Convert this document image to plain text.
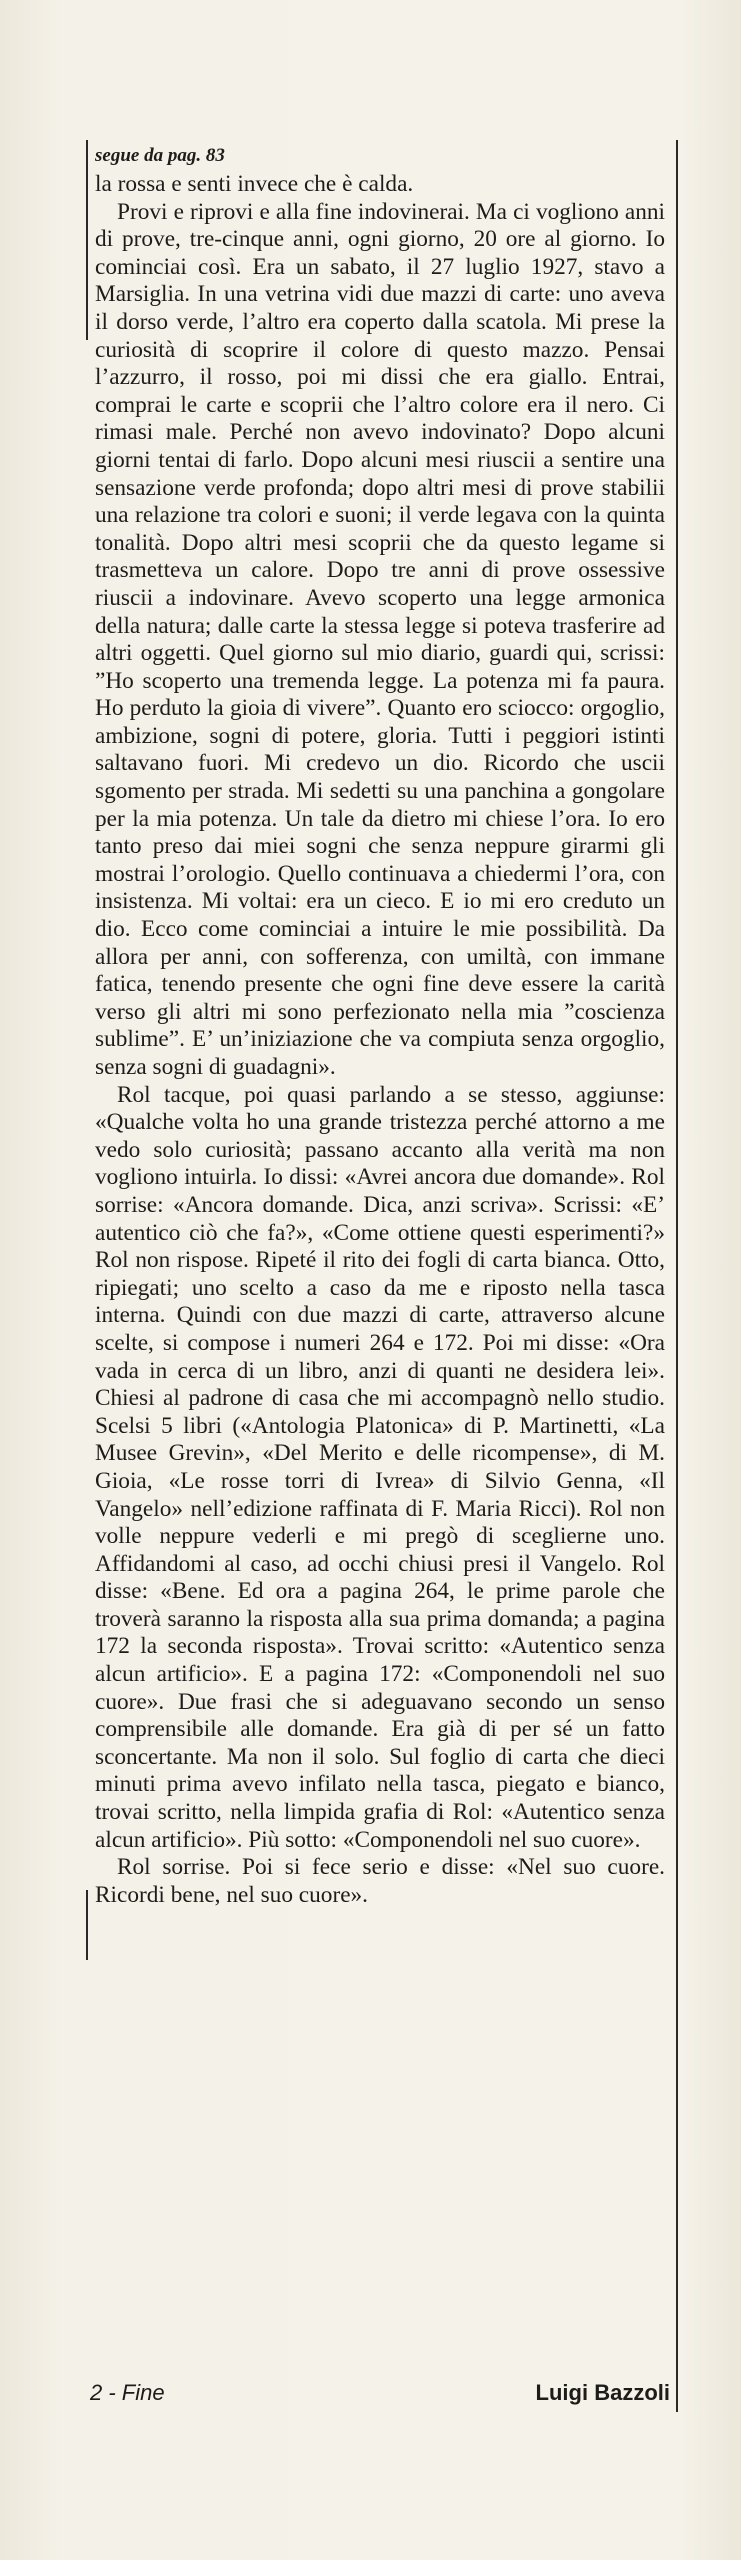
segue da pag. 83

la rossa e senti invece che è calda.

Provi e riprovi e alla fine indovinerai. Ma ci vogliono anni di prove, tre-cinque anni, ogni giorno, 20 ore al giorno. Io cominciai così. Era un sabato, il 27 luglio 1927, stavo a Marsiglia. In una vetrina vidi due mazzi di carte: uno aveva il dorso verde, l’altro era coperto dalla scatola. Mi prese la curiosità di scoprire il colore di questo mazzo. Pensai l’azzurro, il rosso, poi mi dissi che era giallo. Entrai, comprai le carte e scoprii che l’altro colore era il nero. Ci rimasi male. Perché non avevo indovinato? Dopo alcuni giorni tentai di farlo. Dopo alcuni mesi riuscii a sentire una sensazione verde profonda; dopo altri mesi di prove stabilii una relazione tra colori e suoni; il verde legava con la quinta tonalità. Dopo altri mesi scoprii che da questo legame si trasmetteva un calore. Dopo tre anni di prove ossessive riuscii a indovinare. Avevo scoperto una legge armonica della natura; dalle carte la stessa legge si poteva trasferire ad altri oggetti. Quel giorno sul mio diario, guardi qui, scrissi: ”Ho scoperto una tremenda legge. La potenza mi fa paura. Ho perduto la gioia di vivere”. Quanto ero sciocco: orgoglio, ambizione, sogni di potere, gloria. Tutti i peggiori istinti saltavano fuori. Mi credevo un dio. Ricordo che uscii sgomento per strada. Mi sedetti su una panchina a gongolare per la mia potenza. Un tale da dietro mi chiese l’ora. Io ero tanto preso dai miei sogni che senza neppure girarmi gli mostrai l’orologio. Quello continuava a chiedermi l’ora, con insistenza. Mi voltai: era un cieco. E io mi ero creduto un dio. Ecco come cominciai a intuire le mie possibilità. Da allora per anni, con sofferenza, con umiltà, con immane fatica, tenendo presente che ogni fine deve essere la carità verso gli altri mi sono perfezionato nella mia ”coscienza sublime”. E’ un’iniziazione che va compiuta senza orgoglio, senza sogni di guadagni».

Rol tacque, poi quasi parlando a se stesso, aggiunse: «Qualche volta ho una grande tristezza perché attorno a me vedo solo curiosità; passano accanto alla verità ma non vogliono intuirla. Io dissi: «Avrei ancora due domande». Rol sorrise: «Ancora domande. Dica, anzi scriva». Scrissi: «E’ autentico ciò che fa?», «Come ottiene questi esperimenti?» Rol non rispose. Ripeté il rito dei fogli di carta bianca. Otto, ripiegati; uno scelto a caso da me e riposto nella tasca interna. Quindi con due mazzi di carte, attraverso alcune scelte, si compose i numeri 264 e 172. Poi mi disse: «Ora vada in cerca di un libro, anzi di quanti ne desidera lei». Chiesi al padrone di casa che mi accompagnò nello studio. Scelsi 5 libri («Antologia Platonica» di P. Martinetti, «La Musee Grevin», «Del Merito e delle ricompense», di M. Gioia, «Le rosse torri di Ivrea» di Silvio Genna, «Il Vangelo» nell’edizione raffinata di F. Maria Ricci). Rol non volle neppure vederli e mi pregò di sceglierne uno. Affidandomi al caso, ad occhi chiusi presi il Vangelo. Rol disse: «Bene. Ed ora a pagina 264, le prime parole che troverà saranno la risposta alla sua prima domanda; a pagina 172 la seconda risposta». Trovai scritto: «Autentico senza alcun artificio». E a pagina 172: «Componendoli nel suo cuore». Due frasi che si adeguavano secondo un senso comprensibile alle domande. Era già di per sé un fatto sconcertante. Ma non il solo. Sul foglio di carta che dieci minuti prima avevo infilato nella tasca, piegato e bianco, trovai scritto, nella limpida grafia di Rol: «Autentico senza alcun artificio». Più sotto: «Componendoli nel suo cuore».

Rol sorrise. Poi si fece serio e disse: «Nel suo cuore. Ricordi bene, nel suo cuore».

2 - Fine	Luigi Bazzoli
